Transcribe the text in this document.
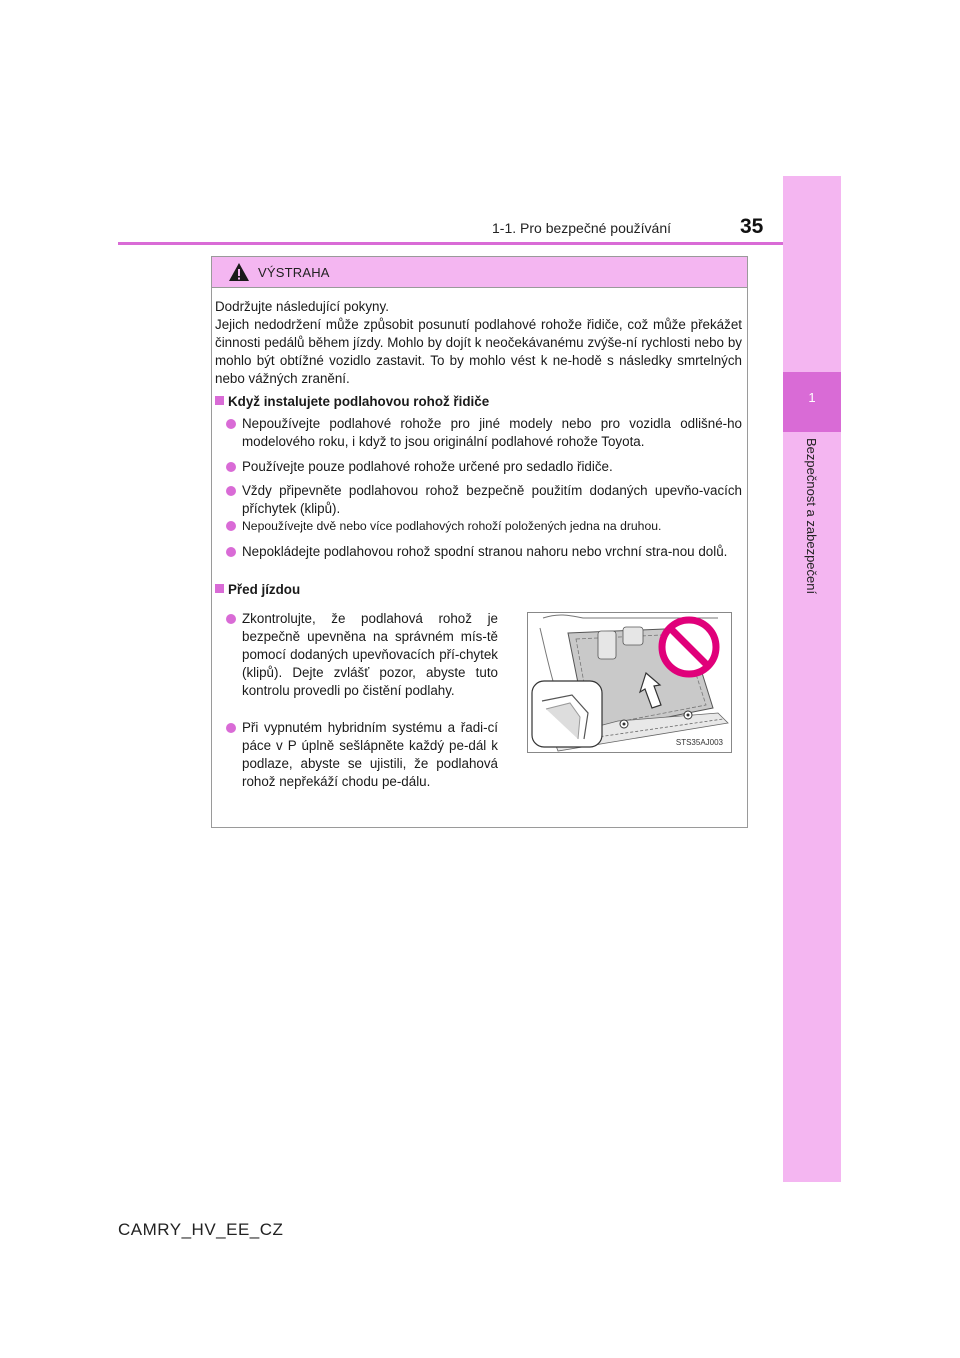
1
Bezpečnost a zabezpečení
1-1. Pro bezpečné používání	35
VÝSTRAHA
Dodržujte následující pokyny.
Jejich nedodržení může způsobit posunutí podlahové rohože řidiče, což může překážet činnosti pedálů během jízdy. Mohlo by dojít k neočekávanému zvýše-ní rychlosti nebo by mohlo být obtížné vozidlo zastavit. To by mohlo vést k ne-hodě s následky smrtelných nebo vážných zranění.
Když instalujete podlahovou rohož řidiče
Nepoužívejte podlahové rohože pro jiné modely nebo pro vozidla odlišné-ho modelového roku, i když to jsou originální podlahové rohože Toyota.
Používejte pouze podlahové rohože určené pro sedadlo řidiče.
Vždy připevněte podlahovou rohož bezpečně použitím dodaných upevňo-vacích příchytek (klipů).
Nepoužívejte dvě nebo více podlahových rohoží položených jedna na druhou.
Nepokládejte podlahovou rohož spodní stranou nahoru nebo vrchní stra-nou dolů.
Před jízdou
Zkontrolujte, že podlahová rohož je bezpečně upevněna na správném mís-tě pomocí dodaných upevňovacích pří-chytek (klipů). Dejte zvlášť pozor, abyste tuto kontrolu provedli po čistění podlahy.
Při vypnutém hybridním systému a řadi-cí páce v P úplně sešlápněte každý pe-dál k podlaze, abyste se ujistili, že podlahová rohož nepřekáží chodu pe-dálu.
STS35AJ003
CAMRY_HV_EE_CZ
